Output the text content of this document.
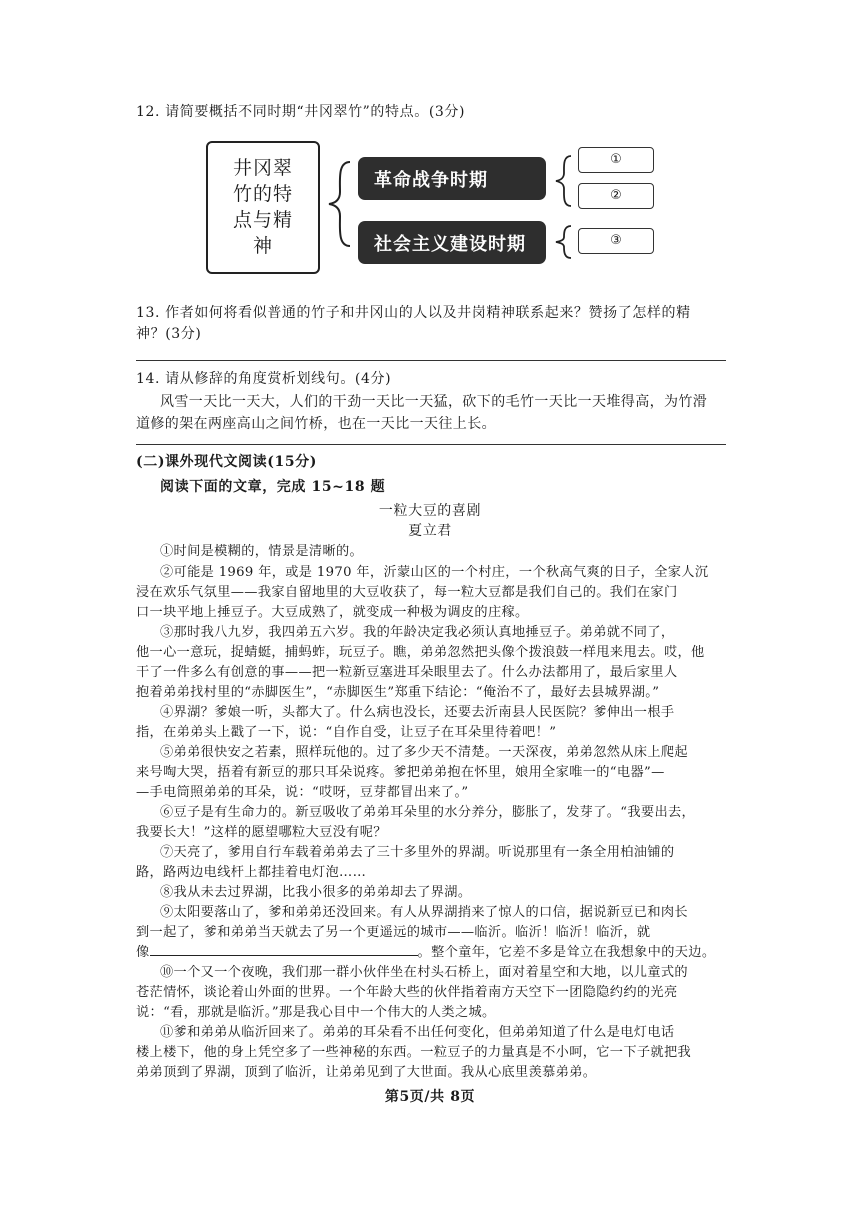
12. 请简要概括不同时期“井冈翠竹”的特点。(3分)
井冈翠
竹的特
点与精
神
革命战争时期
社会主义建设时期
①
②
③
13. 作者如何将看似普通的竹子和井冈山的人以及井岗精神联系起来？赞扬了怎样的精
神？(3分)
14. 请从修辞的角度赏析划线句。(4分)
风雪一天比一天大，人们的干劲一天比一天猛，砍下的毛竹一天比一天堆得高，为竹滑
道修的架在两座高山之间竹桥，也在一天比一天往上长。
(二)课外现代文阅读(15分)
阅读下面的文章，完成 15~18 题
一粒大豆的喜剧
夏立君
①时间是模糊的，情景是清晰的。
②可能是 1969 年，或是 1970 年，沂蒙山区的一个村庄，一个秋高气爽的日子，全家人沉
浸在欢乐气氛里——我家自留地里的大豆收获了，每一粒大豆都是我们自己的。我们在家门
口一块平地上捶豆子。大豆成熟了，就变成一种极为调皮的庄稼。
③那时我八九岁，我四弟五六岁。我的年龄决定我必须认真地捶豆子。弟弟就不同了，
他一心一意玩，捉蜻蜓，捕蚂蚱，玩豆子。瞧，弟弟忽然把头像个拨浪鼓一样甩来甩去。哎，他
干了一件多么有创意的事——把一粒新豆塞进耳朵眼里去了。什么办法都用了，最后家里人
抱着弟弟找村里的“赤脚医生”，“赤脚医生”郑重下结论：“俺治不了，最好去县城界湖。”
④界湖？爹娘一听，头都大了。什么病也没长，还要去沂南县人民医院？爹伸出一根手
指，在弟弟头上戳了一下，说：“自作自受，让豆子在耳朵里待着吧！”
⑤弟弟很快安之若素，照样玩他的。过了多少天不清楚。一天深夜，弟弟忽然从床上爬起
来号啕大哭，捂着有新豆的那只耳朵说疼。爹把弟弟抱在怀里，娘用全家唯一的“电器”—
—手电筒照弟弟的耳朵，说：“哎呀，豆芽都冒出来了。”
⑥豆子是有生命力的。新豆吸收了弟弟耳朵里的水分养分，膨胀了，发芽了。“我要出去，
我要长大！”这样的愿望哪粒大豆没有呢？
⑦天亮了，爹用自行车载着弟弟去了三十多里外的界湖。听说那里有一条全用柏油铺的
路，路两边电线杆上都挂着电灯泡……
⑧我从未去过界湖，比我小很多的弟弟却去了界湖。
⑨太阳要落山了，爹和弟弟还没回来。有人从界湖捎来了惊人的口信，据说新豆已和肉长
到一起了，爹和弟弟当天就去了另一个更遥远的城市——临沂。临沂！临沂！临沂，就
像	。整个童年，它差不多是耸立在我想象中的天边。
⑩一个又一个夜晚，我们那一群小伙伴坐在村头石桥上，面对着星空和大地，以儿童式的
苍茫情怀，谈论着山外面的世界。一个年龄大些的伙伴指着南方天空下一团隐隐约约的光亮
说：“看，那就是临沂。”那是我心目中一个伟大的人类之城。
⑪爹和弟弟从临沂回来了。弟弟的耳朵看不出任何变化，但弟弟知道了什么是电灯电话
楼上楼下，他的身上凭空多了一些神秘的东西。一粒豆子的力量真是不小呵，它一下子就把我
弟弟顶到了界湖，顶到了临沂，让弟弟见到了大世面。我从心底里羡慕弟弟。
第5页/共 8页
